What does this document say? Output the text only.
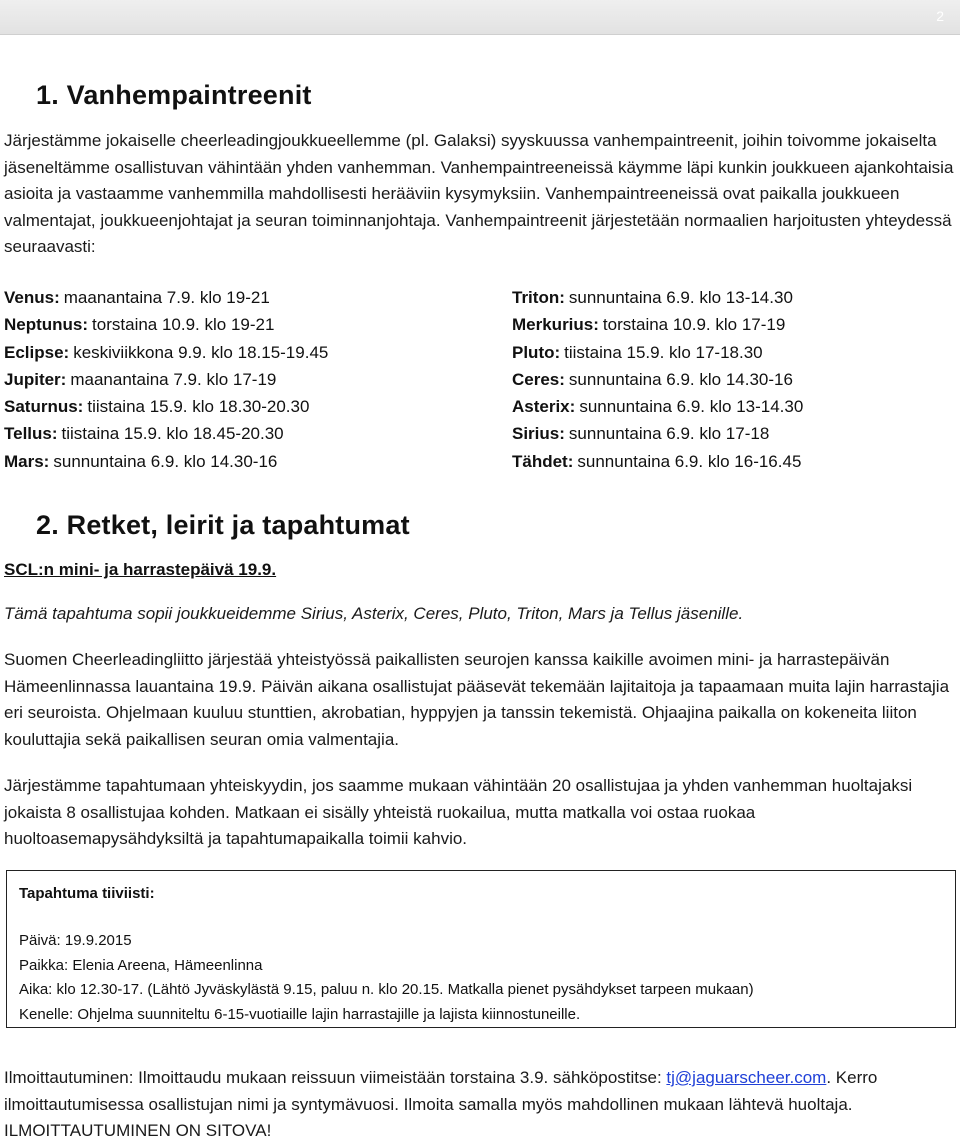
2
1. Vanhempaintreenit

Järjestämme jokaiselle cheerleadingjoukkueellemme (pl. Galaksi) syyskuussa vanhempaintreenit, joihin toivomme jokaiselta jäseneltämme osallistuvan vähintään yhden vanhemman. Vanhempaintreeneissä käymme läpi kunkin joukkueen ajankohtaisia asioita ja vastaamme vanhemmilla mahdollisesti herääviin kysymyksiin. Vanhempaintreeneissä ovat paikalla joukkueen valmentajat, joukkueenjohtajat ja seuran toiminnanjohtaja. Vanhempaintreenit järjestetään normaalien harjoitusten yhteydessä seuraavasti:

Venus: maanantaina 7.9. klo 19-21
Neptunus: torstaina 10.9. klo 19-21
Eclipse: keskiviikkona 9.9. klo 18.15-19.45
Jupiter: maanantaina 7.9. klo 17-19
Saturnus: tiistaina 15.9. klo 18.30-20.30
Tellus: tiistaina 15.9. klo 18.45-20.30
Mars: sunnuntaina 6.9. klo 14.30-16
Triton: sunnuntaina 6.9. klo 13-14.30
Merkurius: torstaina 10.9. klo 17-19
Pluto: tiistaina 15.9. klo 17-18.30
Ceres: sunnuntaina 6.9. klo 14.30-16
Asterix: sunnuntaina 6.9. klo 13-14.30
Sirius: sunnuntaina 6.9. klo 17-18
Tähdet: sunnuntaina 6.9. klo 16-16.45
2. Retket, leirit ja tapahtumat

SCL:n mini- ja harrastepäivä 19.9.

Tämä tapahtuma sopii joukkueidemme Sirius, Asterix, Ceres, Pluto, Triton, Mars ja Tellus jäsenille.

Suomen Cheerleadingliitto järjestää yhteistyössä paikallisten seurojen kanssa kaikille avoimen mini- ja harrastepäivän Hämeenlinnassa lauantaina 19.9. Päivän aikana osallistujat pääsevät tekemään lajitaitoja ja tapaamaan muita lajin harrastajia eri seuroista. Ohjelmaan kuuluu stunttien, akrobatian, hyppyjen ja tanssin tekemistä. Ohjaajina paikalla on kokeneita liiton kouluttajia sekä paikallisen seuran omia valmentajia.

Järjestämme tapahtumaan yhteiskyydin, jos saamme mukaan vähintään 20 osallistujaa ja yhden vanhemman huoltajaksi jokaista 8 osallistujaa kohden. Matkaan ei sisälly yhteistä ruokailua, mutta matkalla voi ostaa ruokaa huoltoasemapysähdyksiltä ja tapahtumapaikalla toimii kahvio.

Tapahtuma tiiviisti:

Päivä: 19.9.2015
Paikka: Elenia Areena, Hämeenlinna
Aika: klo 12.30-17. (Lähtö Jyväskylästä 9.15, paluu n. klo 20.15. Matkalla pienet pysähdykset tarpeen mukaan)
Kenelle: Ohjelma suunniteltu 6-15-vuotiaille lajin harrastajille ja lajista kiinnostuneille.

Ilmoittautuminen: Ilmoittaudu mukaan reissuun viimeistään torstaina 3.9. sähköpostitse: tj@jaguarscheer.com. Kerro ilmoittautumisessa osallistujan nimi ja syntymävuosi. Ilmoita samalla myös mahdollinen mukaan lähtevä huoltaja. ILMOITTAUTUMINEN ON SITOVA!
